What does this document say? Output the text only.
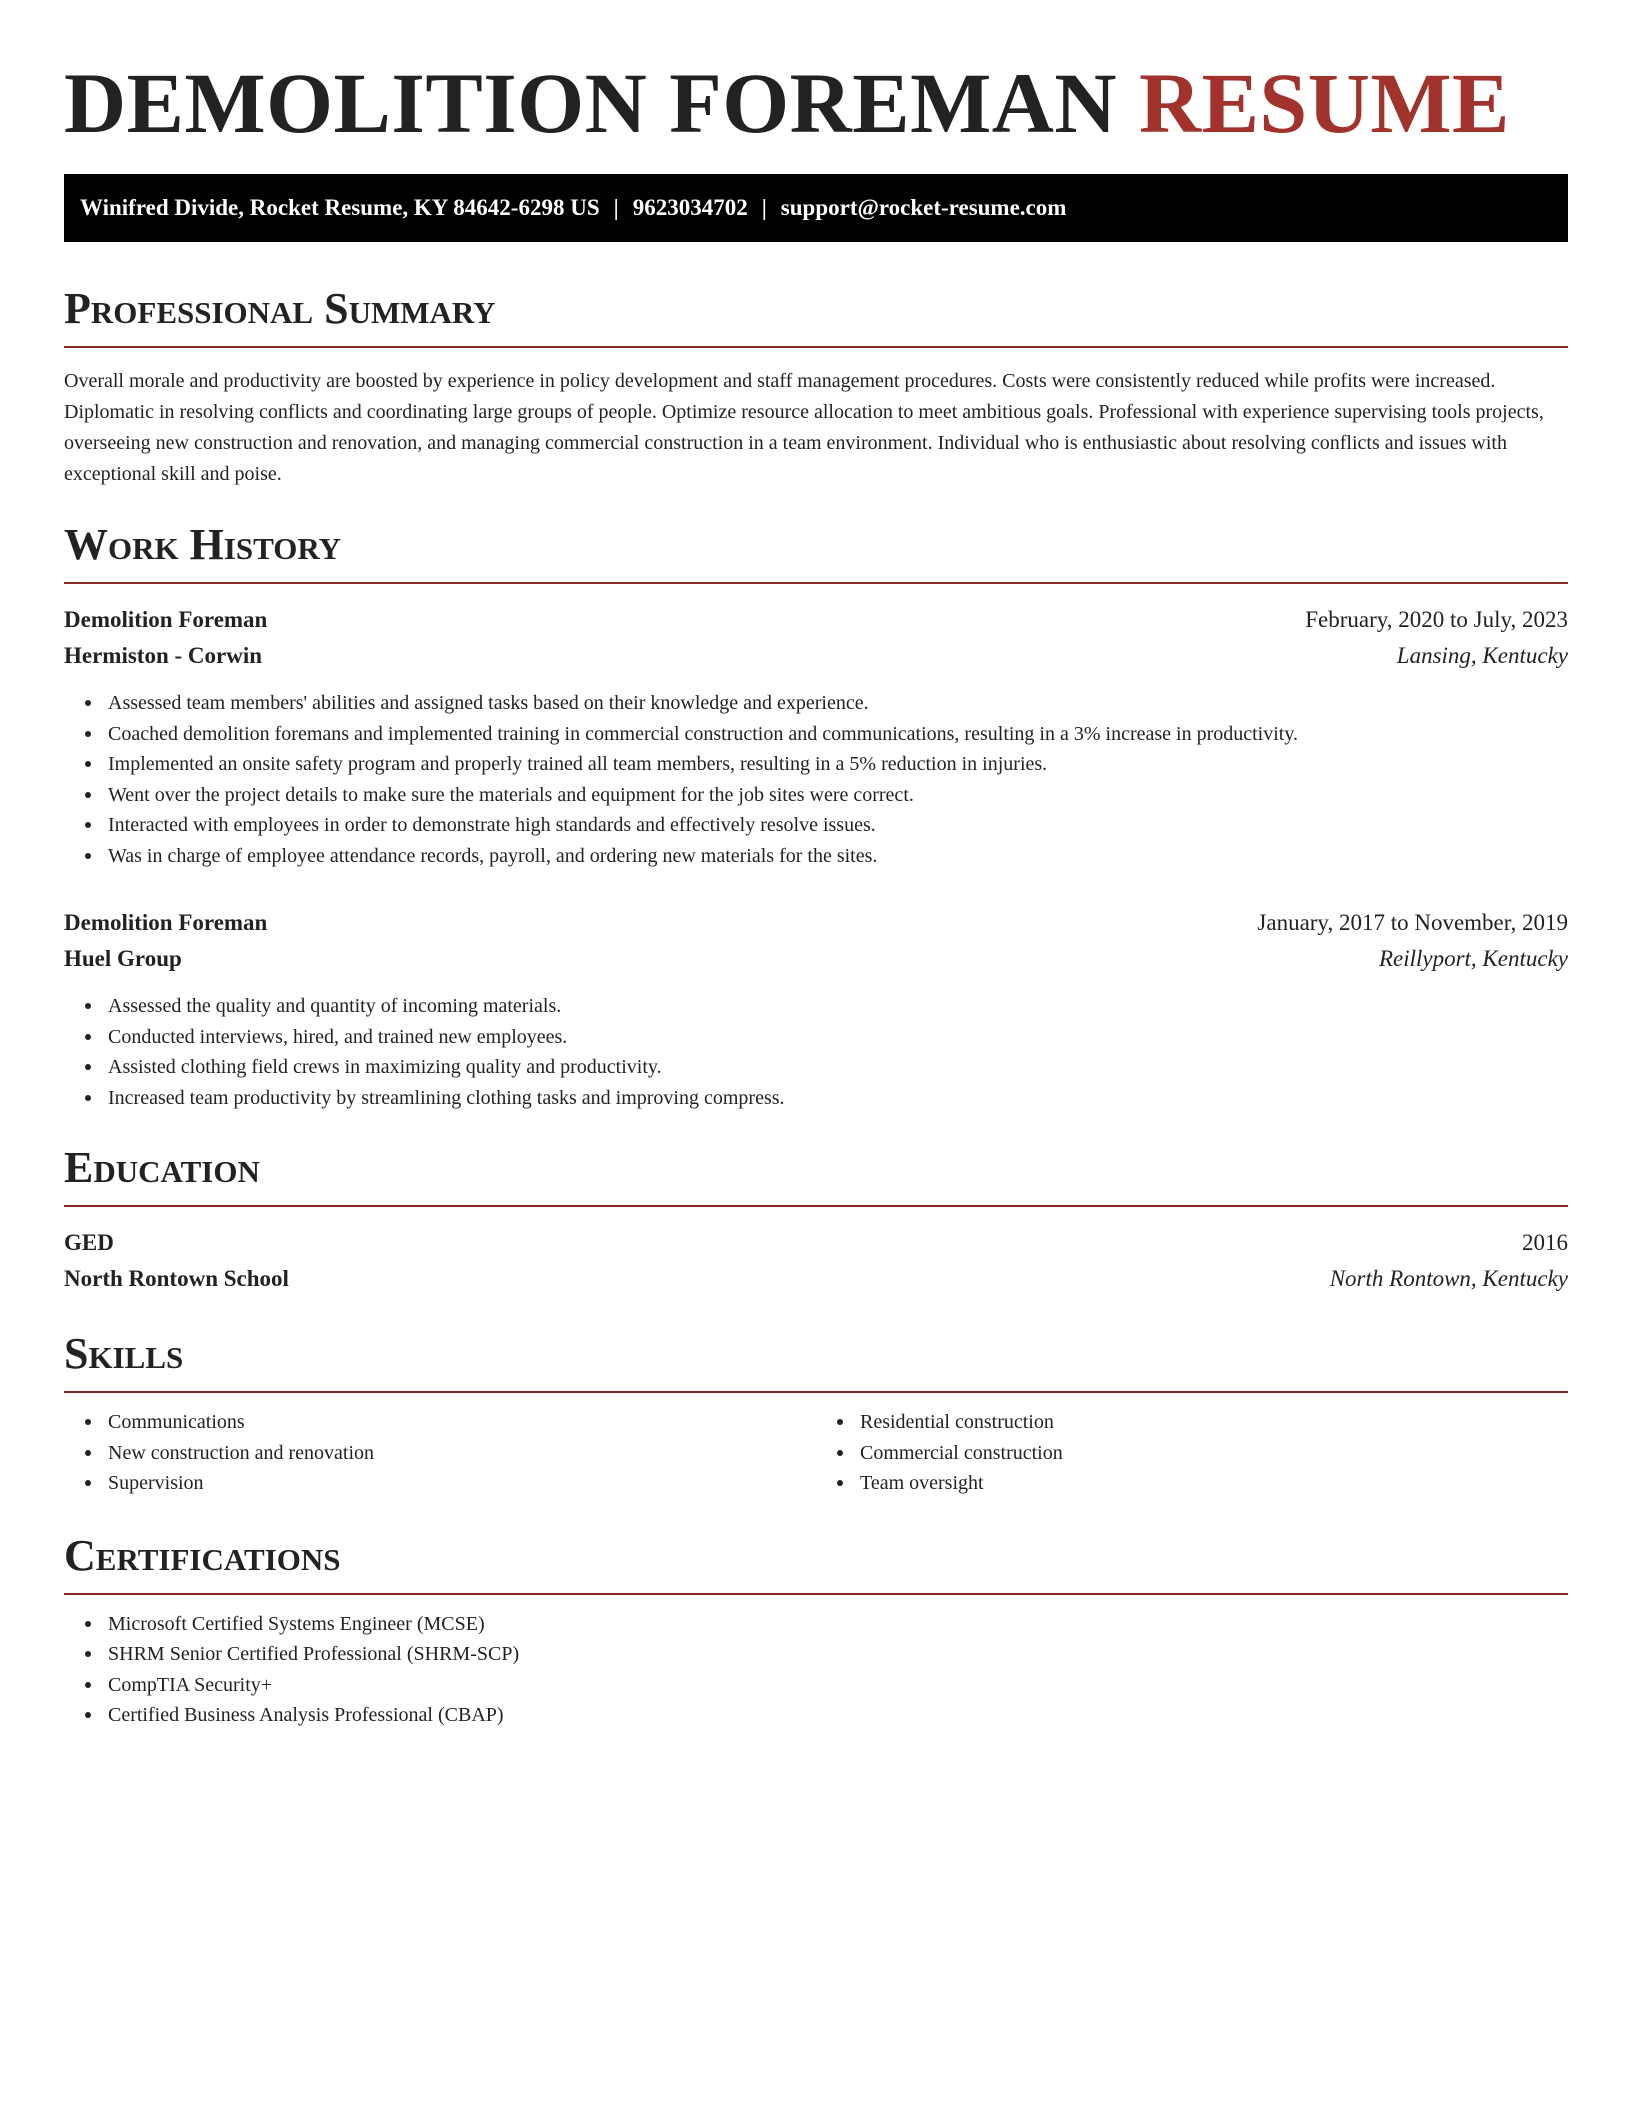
DEMOLITION FOREMAN RESUME
Winifred Divide, Rocket Resume, KY 84642-6298 US | 9623034702 | support@rocket-resume.com
Professional Summary

Overall morale and productivity are boosted by experience in policy development and staff management procedures. Costs were consistently reduced while profits were increased. Diplomatic in resolving conflicts and coordinating large groups of people. Optimize resource allocation to meet ambitious goals. Professional with experience supervising tools projects, overseeing new construction and renovation, and managing commercial construction in a team environment. Individual who is enthusiastic about resolving conflicts and issues with exceptional skill and poise.

Work History
Demolition Foreman	February, 2020 to July, 2023
Hermiston - Corwin	Lansing, Kentucky
Assessed team members' abilities and assigned tasks based on their knowledge and experience.
Coached demolition foremans and implemented training in commercial construction and communications, resulting in a 3% increase in productivity.
Implemented an onsite safety program and properly trained all team members, resulting in a 5% reduction in injuries.
Went over the project details to make sure the materials and equipment for the job sites were correct.
Interacted with employees in order to demonstrate high standards and effectively resolve issues.
Was in charge of employee attendance records, payroll, and ordering new materials for the sites.
Demolition Foreman	January, 2017 to November, 2019
Huel Group	Reillyport, Kentucky
Assessed the quality and quantity of incoming materials.
Conducted interviews, hired, and trained new employees.
Assisted clothing field crews in maximizing quality and productivity.
Increased team productivity by streamlining clothing tasks and improving compress.
Education
GED	2016
North Rontown School	North Rontown, Kentucky
Skills
Communications
New construction and renovation
Supervision
Residential construction
Commercial construction
Team oversight
Certifications
Microsoft Certified Systems Engineer (MCSE)
SHRM Senior Certified Professional (SHRM-SCP)
CompTIA Security+
Certified Business Analysis Professional (CBAP)
